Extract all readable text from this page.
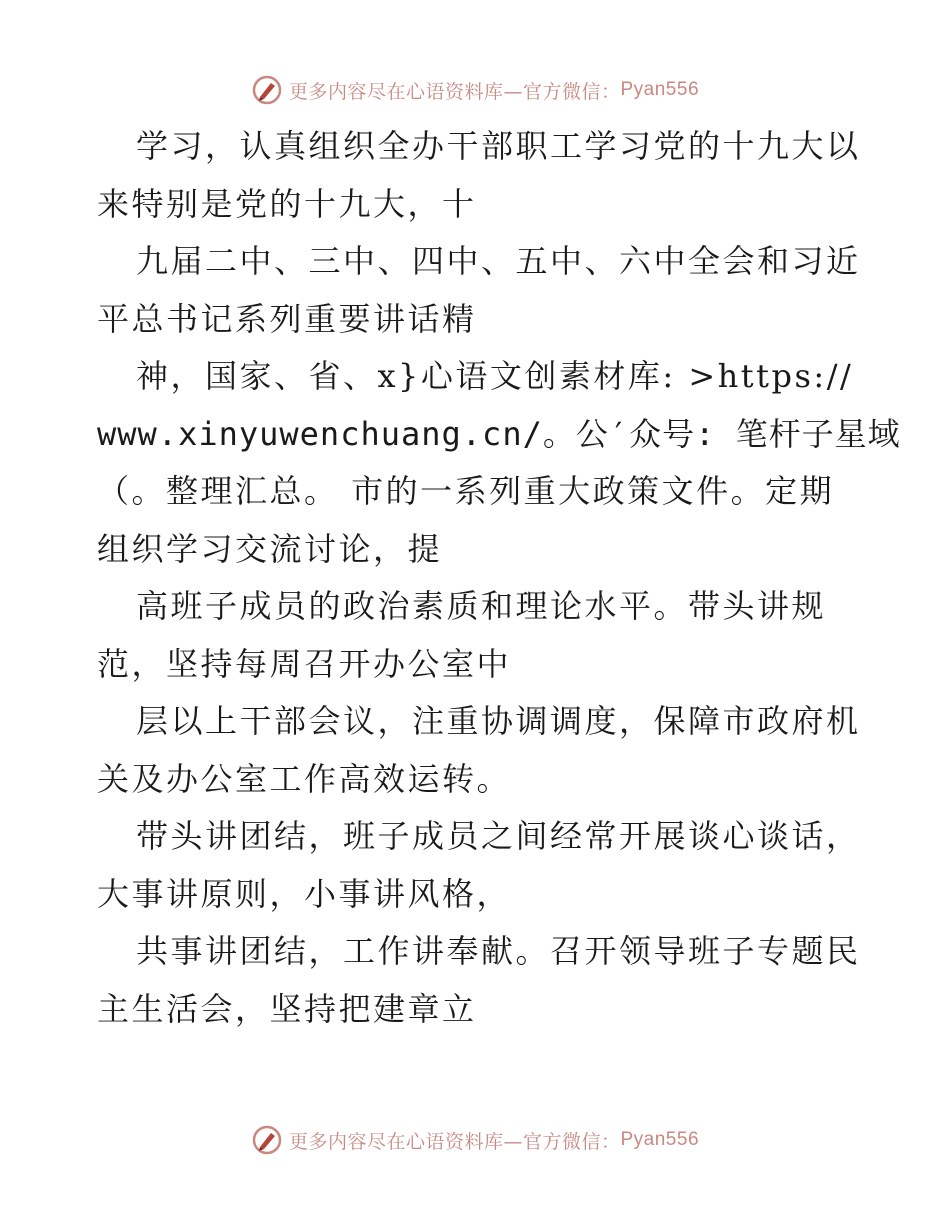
更多内容尽在心语资料库—官方微信： Pyan556
学习，认真组织全办干部职工学习党的十九大以
来特别是党的十九大，十
九届二中、三中、四中、五中、六中全会和习近
平总书记系列重要讲话精
神，国家、省、x}心语文创素材库: >https://
www.xinyuwenchuang.cn/。公′众号: 笔杆子星域
（。整理汇总。 市的一系列重大政策文件。定期
组织学习交流讨论，提
高班子成员的政治素质和理论水平。带头讲规
范，坚持每周召开办公室中
层以上干部会议，注重协调调度，保障市政府机
关及办公室工作高效运转。
带头讲团结，班子成员之间经常开展谈心谈话，
大事讲原则，小事讲风格，
共事讲团结，工作讲奉献。召开领导班子专题民
主生活会，坚持把建章立
更多内容尽在心语资料库—官方微信： Pyan556
